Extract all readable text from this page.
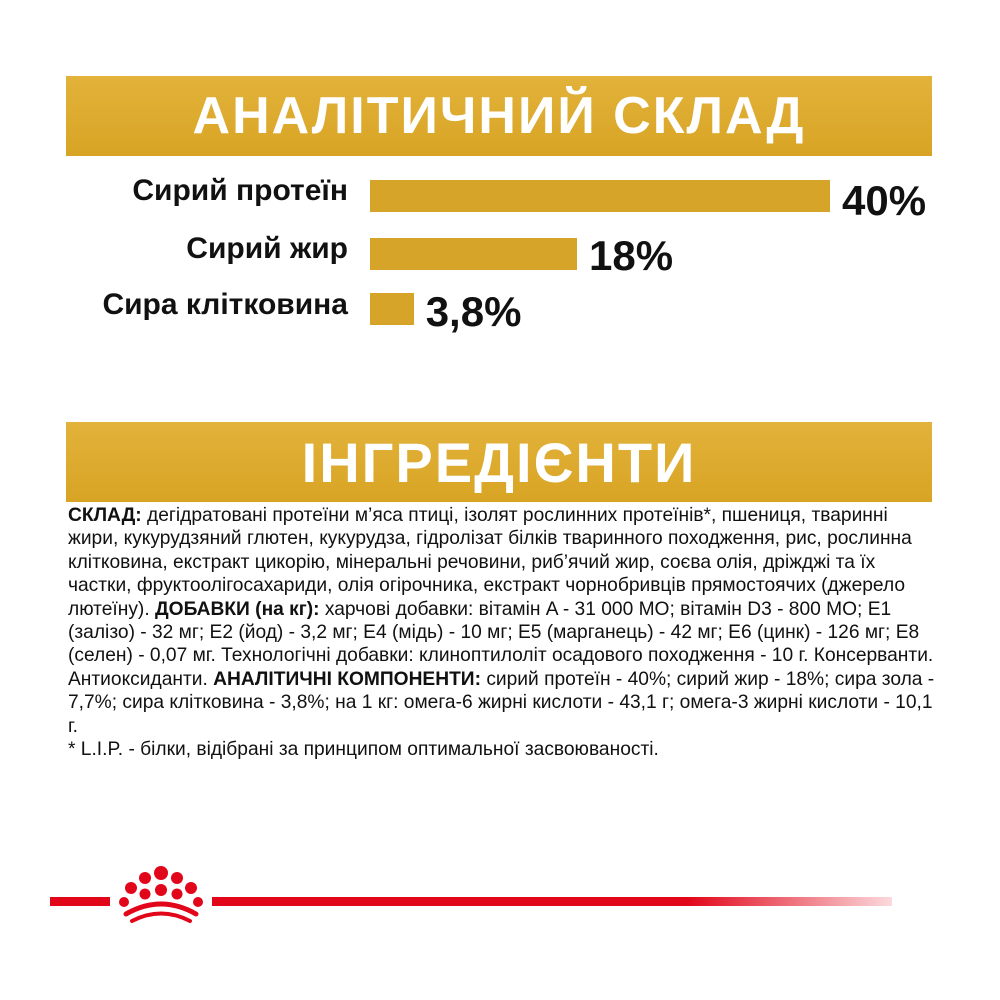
АНАЛІТИЧНИЙ СКЛАД
Сирий протеїн	40%
Сирий жир	18%
Сира клітковина 3,8%
ІНГРЕДІЄНТИ

СКЛАД: дегідратовані протеїни м’яса птиці, ізолят рослинних протеїнів*, пшениця, тваринні жири, кукурудзяний глютен, кукурудза, гідролізат білків тваринного походження, рис, рослинна клітковина, екстракт цикорію, мінеральні речовини, риб’ячий жир, соєва олія, дріжджі та їх частки, фруктоолігосахариди, олія огірочника, екстракт чорнобривців прямостоячих (джерело лютеїну). ДОБАВКИ (на кг): харчові добавки: вітамін A - 31 000 МО; вітамін D3 - 800 МО; E1 (залізо) - 32 мг; E2 (йод) - 3,2 мг; E4 (мідь) - 10 мг; E5 (марганець) - 42 мг; E6 (цинк) - 126 мг; E8 (селен) - 0,07 мг. Технологічні добавки: клиноптилоліт осадового походження - 10 г. Консерванти. Антиоксиданти. АНАЛІТИЧНІ КОМПОНЕНТИ: сирий протеїн - 40%; сирий жир - 18%; сира зола - 7,7%; сира клітковина - 3,8%; на 1 кг: омега-6 жирні кислоти - 43,1 г; омега-3 жирні кислоти - 10,1 г.

* L.I.P. - білки, відібрані за принципом оптимальної засвоюваності.
